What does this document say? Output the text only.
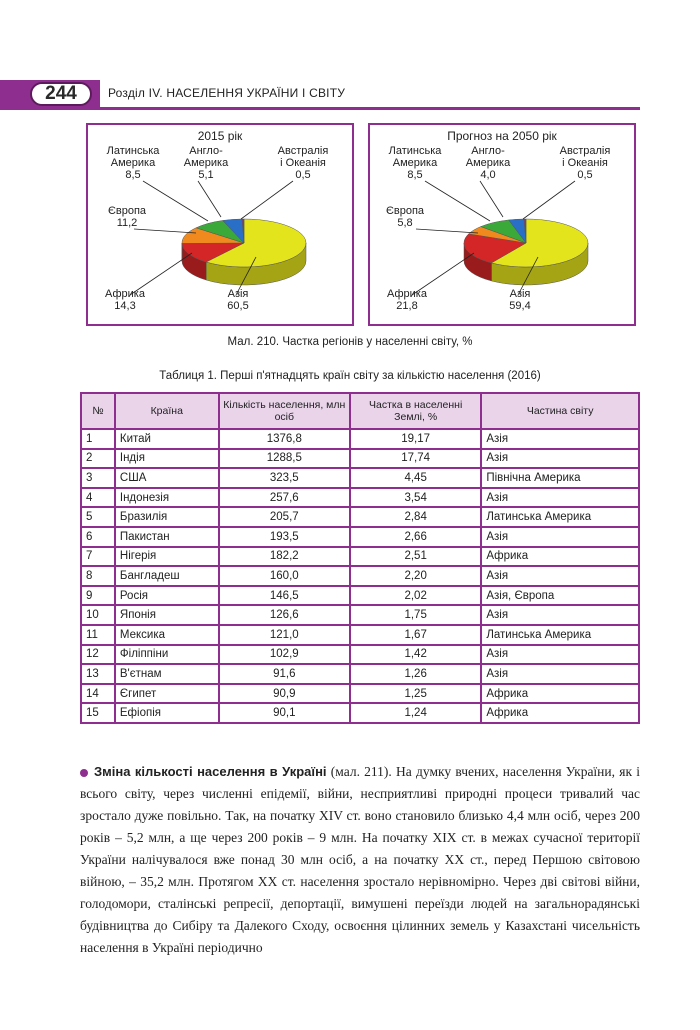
244	Розділ IV. НАСЕЛЕННЯ УКРАЇНИ І СВІТУ
2015 рік
Латинська
Америка
8,5
Англо-
Америка
5,1
Австралія
і Океанія
0,5
Європа
11,2
Африка
14,3
Азія
60,5
Прогноз на 2050 рік
Латинська
Америка
8,5
Англо-
Америка
4,0
Австралія
і Океанія
0,5
Європа
5,8
Африка
21,8
Азія
59,4
Мал. 210. Частка регіонів у населенні світу, %
Таблиця 1. Перші п'ятнадцять країн світу за кількістю населення (2016)
№	Країна	Кількість населення, млн осіб	Частка в населенні Землі, %	Частина світу
1	Китай	1376,8	19,17	Азія
2	Індія	1288,5	17,74	Азія
3	США	323,5	4,45	Північна Америка
4	Індонезія	257,6	3,54	Азія
5	Бразилія	205,7	2,84	Латинська Америка
6	Пакистан	193,5	2,66	Азія
7	Нігерія	182,2	2,51	Африка
8	Бангладеш	160,0	2,20	Азія
9	Росія	146,5	2,02	Азія, Європа
10	Японія	126,6	1,75	Азія
11	Мексика	121,0	1,67	Латинська Америка
12	Філіппіни	102,9	1,42	Азія
13	В'єтнам	91,6	1,26	Азія
14	Єгипет	90,9	1,25	Африка
15	Ефіопія	90,1	1,24	Африка
Зміна кількості населення в Україні (мал. 211). На думку вчених, населення України, як і всього світу, через численні епідемії, війни, несприятливі природні процеси тривалий час зростало дуже повільно. Так, на початку XIV ст. воно становило близько 4,4 млн осіб, через 200 років – 5,2 млн, а ще через 200 років – 9 млн. На початку XIX ст. в межах сучасної території України налічувалося вже понад 30 млн осіб, а на початку XX ст., перед Першою світовою війною, – 35,2 млн. Протягом XX ст. населення зростало нерівномірно. Через дві світові війни, голодомори, сталінські репресії, депортації, вимушені переїзди людей на загальнорадянські будівництва до Сибіру та Далекого Сходу, освоєння цілинних земель у Казахстані чисельність населення в Україні періодично
